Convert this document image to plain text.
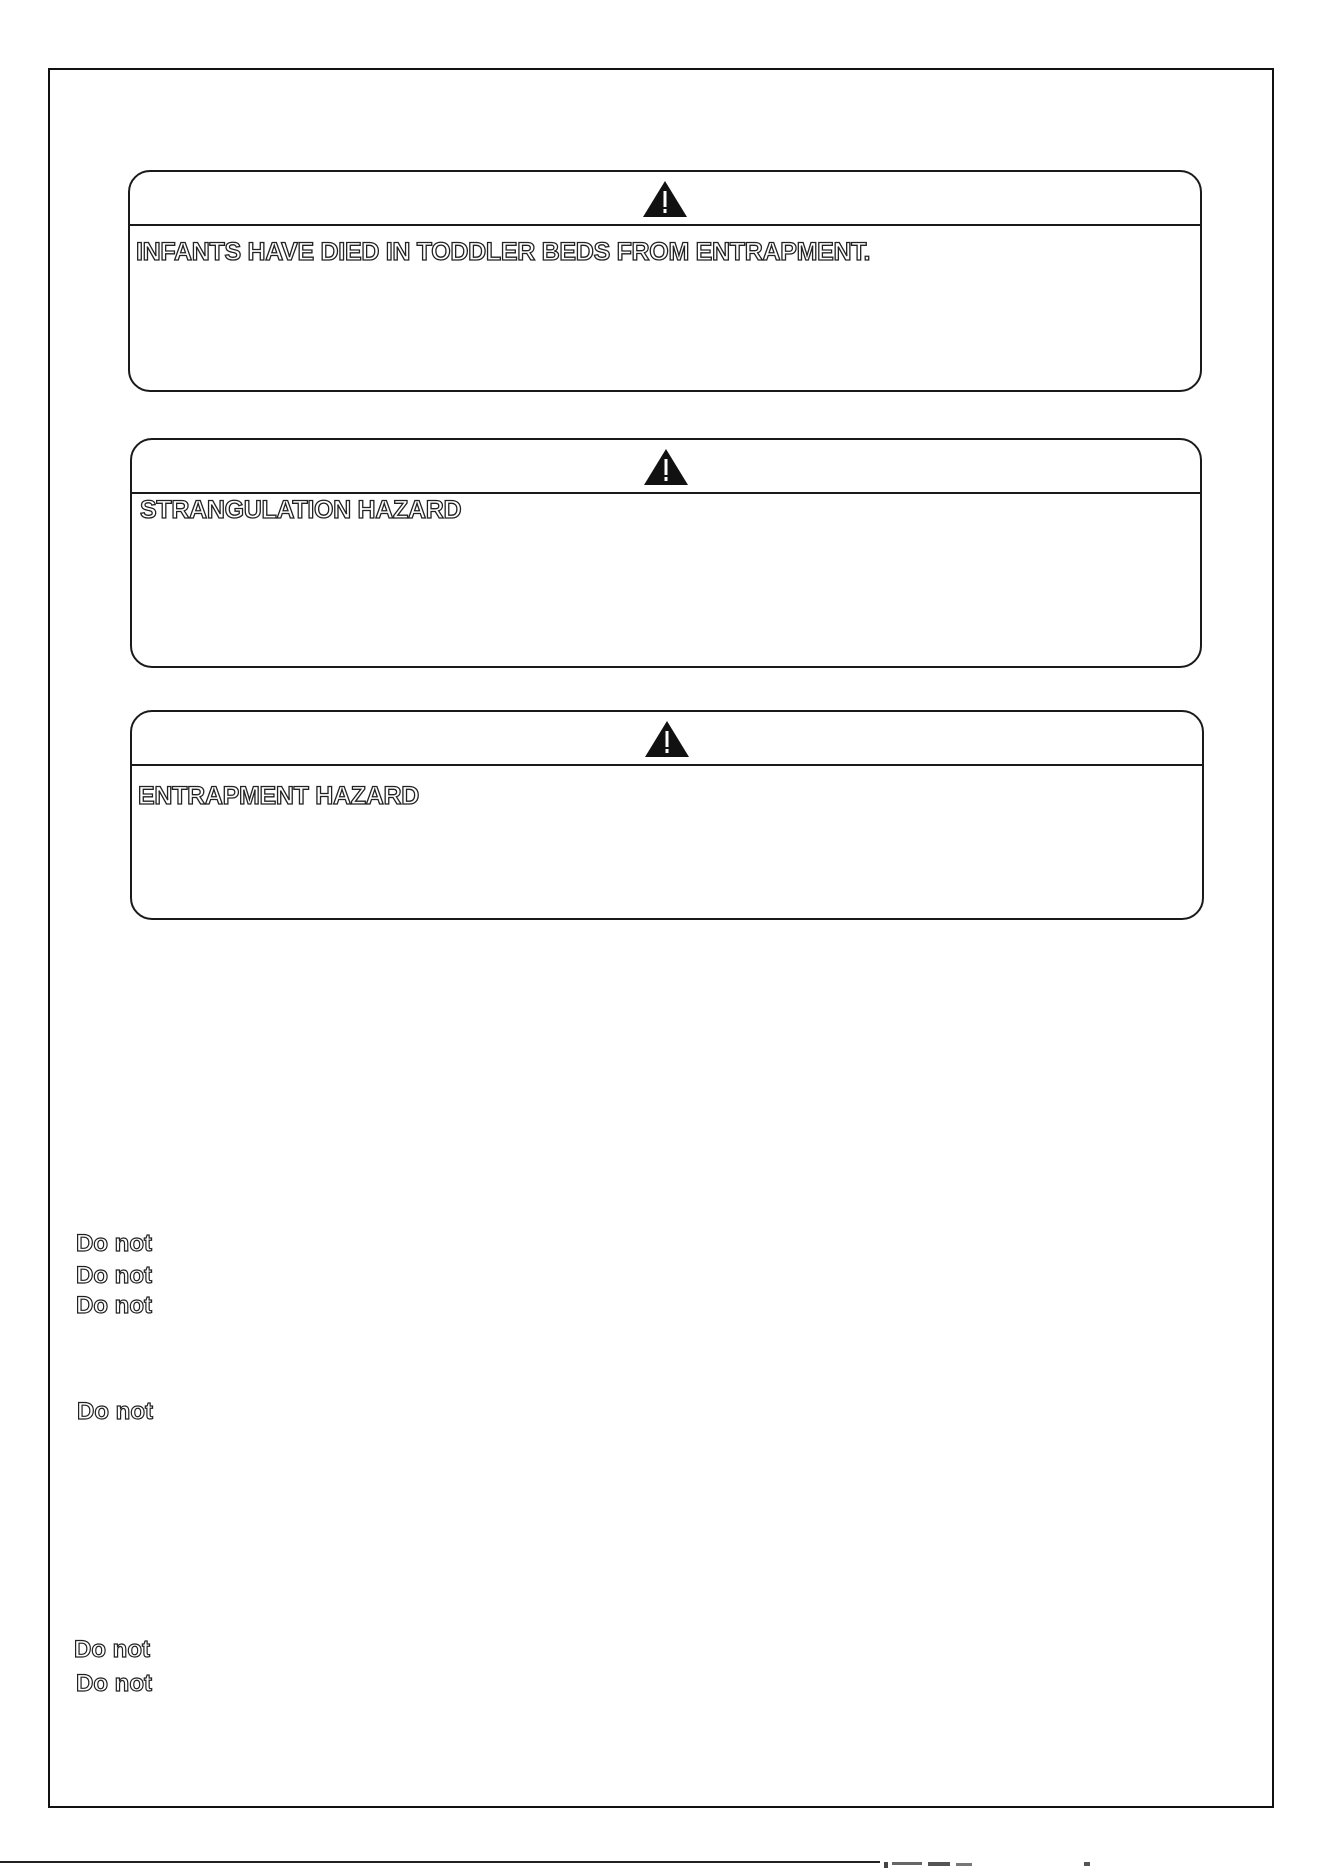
INFANTS HAVE DIED IN TODDLER BEDS FROM ENTRAPMENT.
STRANGULATION HAZARD
ENTRAPMENT HAZARD
Do not
Do not
Do not
Do not
Do not
Do not
